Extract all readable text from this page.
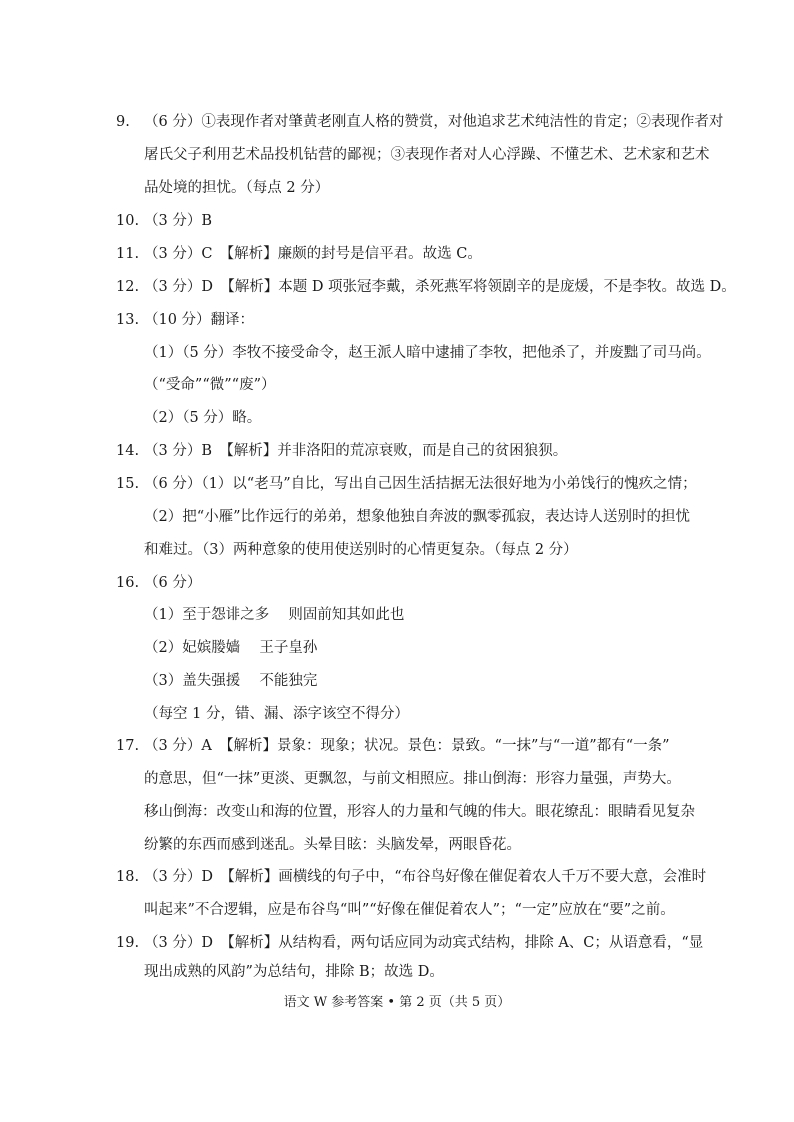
9. （6 分）①表现作者对肇黄老刚直人格的赞赏，对他追求艺术纯洁性的肯定；②表现作者对
屠氏父子利用艺术品投机钻营的鄙视；③表现作者对人心浮躁、不懂艺术、艺术家和艺术
品处境的担忧。（每点 2 分）
10. （3 分）B
11. （3 分）C　【解析】廉颇的封号是信平君。故选 C。
12. （3 分）D　【解析】本题 D 项张冠李戴，杀死燕军将领剧辛的是庞煖，不是李牧。故选 D。
13. （10 分）翻译：
（1）（5 分）李牧不接受命令，赵王派人暗中逮捕了李牧，把他杀了，并废黜了司马尚。
（“受命”“微”“废”）
（2）（5 分）略。
14. （3 分）B　【解析】并非洛阳的荒凉衰败，而是自己的贫困狼狈。
15. （6 分）（1）以“老马”自比，写出自己因生活拮据无法很好地为小弟饯行的愧疚之情；
（2）把“小雁”比作远行的弟弟，想象他独自奔波的飘零孤寂，表达诗人送别时的担忧
和难过。（3）两种意象的使用使送别时的心情更复杂。（每点 2 分）
16. （6 分）
（1）至于怨诽之多　 则固前知其如此也
（2）妃嫔媵嫱　 王子皇孙
（3）盖失强援　 不能独完
（每空 1 分，错、漏、添字该空不得分）
17. （3 分）A　【解析】景象：现象；状况。景色：景致。“一抹”与“一道”都有“一条”
的意思，但“一抹”更淡、更飘忽，与前文相照应。排山倒海：形容力量强，声势大。
移山倒海：改变山和海的位置，形容人的力量和气魄的伟大。眼花缭乱：眼睛看见复杂
纷繁的东西而感到迷乱。头晕目眩：头脑发晕，两眼昏花。
18. （3 分）D　【解析】画横线的句子中，“布谷鸟好像在催促着农人千万不要大意，会准时
叫起来”不合逻辑，应是布谷鸟“叫”“好像在催促着农人”；“一定”应放在“要”之前。
19. （3 分）D　【解析】从结构看，两句话应同为动宾式结构，排除 A、C；从语意看，“显
现出成熟的风韵”为总结句，排除 B；故选 D。
语文 W 参考答案 • 第 2 页（共 5 页）
